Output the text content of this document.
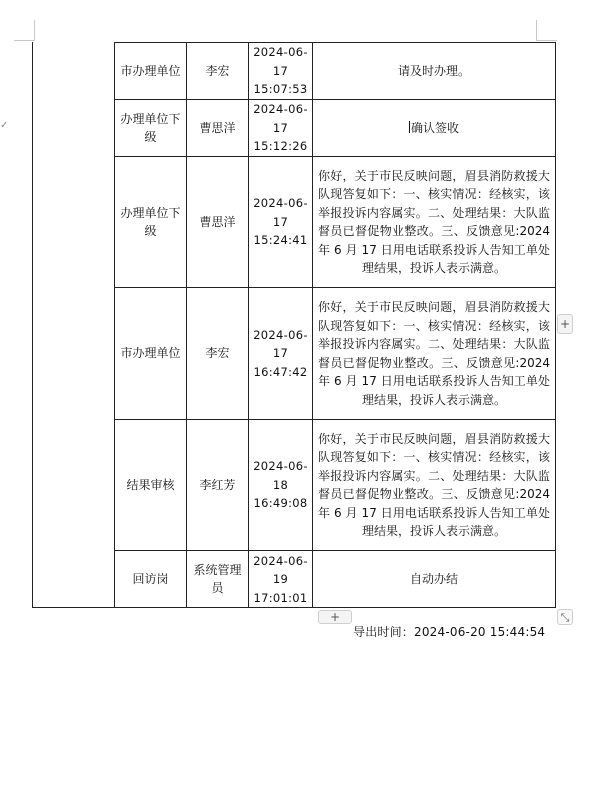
✓
市办理单位	李宏	2024-06-17 15:07:53	请及时办理。

办理单位下级	曹思洋	2024-06-17 15:12:26	确认签收
办理单位下级	曹思洋	2024-06-17 15:24:41	你好，关于市民反映问题，眉县消防救援大队现答复如下：一、核实情况：经核实，该举报投诉内容属实。二、处理结果：大队监督员已督促物业整改。三、反馈意见:2024 年 6 月 17 日用电话联系投诉人告知工单处理结果，投诉人表示满意。

市办理单位	李宏	2024-06-17 16:47:42	你好，关于市民反映问题，眉县消防救援大队现答复如下：一、核实情况：经核实，该举报投诉内容属实。二、处理结果：大队监督员已督促物业整改。三、反馈意见:2024 年 6 月 17 日用电话联系投诉人告知工单处理结果，投诉人表示满意。

结果审核	李红芳	2024-06-18 16:49:08	你好，关于市民反映问题，眉县消防救援大队现答复如下：一、核实情况：经核实，该举报投诉内容属实。二、处理结果：大队监督员已督促物业整改。三、反馈意见:2024 年 6 月 17 日用电话联系投诉人告知工单处理结果，投诉人表示满意。

回访岗	系统管理员	2024-06-19 17:01:01	自动办结
+
+	⤡
导出时间：2024-06-20 15:44:54
